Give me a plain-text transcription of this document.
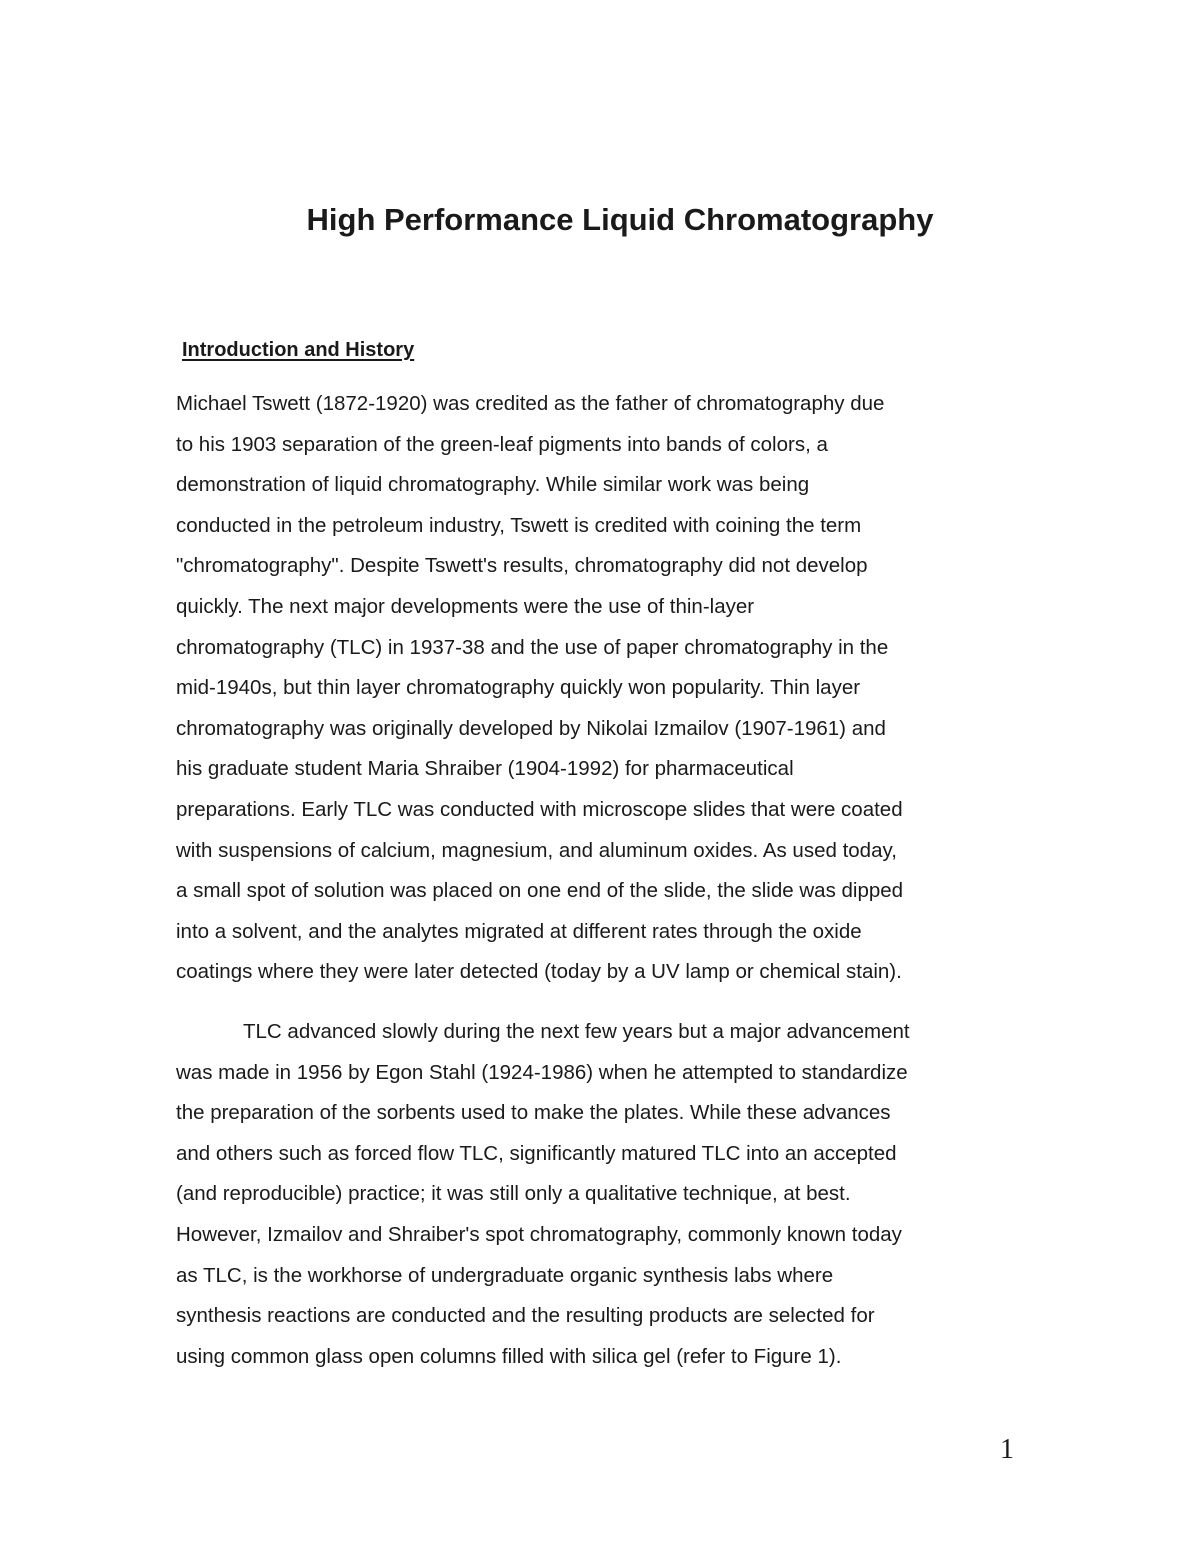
High Performance Liquid Chromatography
Introduction and History

Michael Tswett (1872-1920) was credited as the father of chromatography due
to his 1903 separation of the green-leaf pigments into bands of colors, a
demonstration of liquid chromatography. While similar work was being
conducted in the petroleum industry, Tswett is credited with coining the term
"chromatography". Despite Tswett's results, chromatography did not develop
quickly. The next major developments were the use of thin-layer
chromatography (TLC) in 1937-38 and the use of paper chromatography in the
mid-1940s, but thin layer chromatography quickly won popularity. Thin layer
chromatography was originally developed by Nikolai Izmailov (1907-1961) and
his graduate student Maria Shraiber (1904-1992) for pharmaceutical
preparations. Early TLC was conducted with microscope slides that were coated
with suspensions of calcium, magnesium, and aluminum oxides. As used today,
a small spot of solution was placed on one end of the slide, the slide was dipped
into a solvent, and the analytes migrated at different rates through the oxide
coatings where they were later detected (today by a UV lamp or chemical stain).

TLC advanced slowly during the next few years but a major advancement
was made in 1956 by Egon Stahl (1924-1986) when he attempted to standardize
the preparation of the sorbents used to make the plates. While these advances
and others such as forced flow TLC, significantly matured TLC into an accepted
(and reproducible) practice; it was still only a qualitative technique, at best.
However, Izmailov and Shraiber's spot chromatography, commonly known today
as TLC, is the workhorse of undergraduate organic synthesis labs where
synthesis reactions are conducted and the resulting products are selected for
using common glass open columns filled with silica gel (refer to Figure 1).

1
